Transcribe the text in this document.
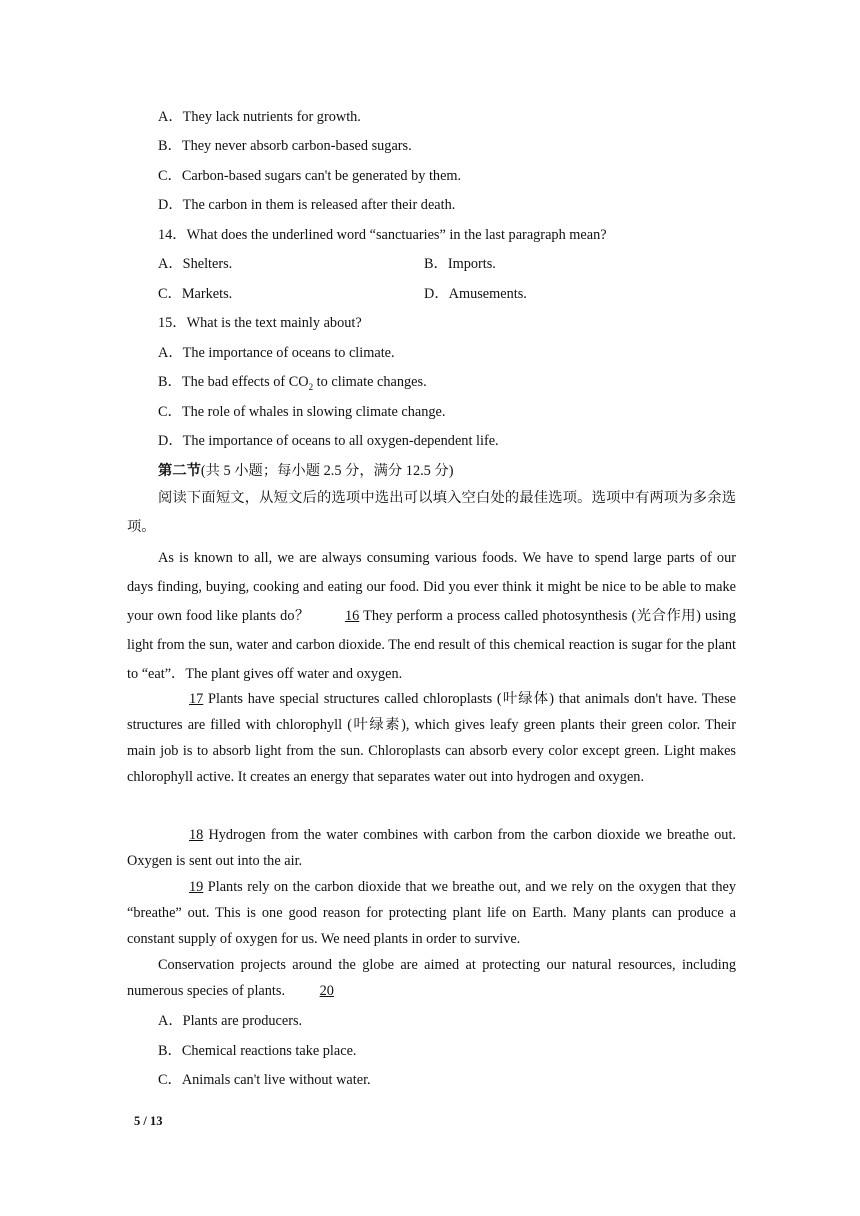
A．They lack nutrients for growth.
B．They never absorb carbon-based sugars.
C．Carbon-based sugars can't be generated by them.
D．The carbon in them is released after their death.
14．What does the underlined word “sanctuaries” in the last paragraph mean?
A．Shelters.	B．Imports.
C．Markets.	D．Amusements.
15．What is the text mainly about?
A．The importance of oceans to climate.
B．The bad effects of $CO_2$ to climate changes.
C．The role of whales in slowing climate change.
D．The importance of oceans to all oxygen-dependent life.
第二节(共 5 小题；每小题 2.5 分，满分 12.5 分)

阅读下面短文，从短文后的选项中选出可以填入空白处的最佳选项。选项中有两项为多余选项。

As is known to all, we are always consuming various foods. We have to spend large parts of our days finding, buying, cooking and eating our food. Did you ever think it might be nice to be able to make your own food like plants do？ 16 They perform a process called photosynthesis (光合作用) using light from the sun, water and carbon dioxide. The end result of this chemical reaction is sugar for the plant to “eat”．The plant gives off water and oxygen.

17 Plants have special structures called chloroplasts (叶绿体) that animals don't have. These structures are filled with chlorophyll (叶绿素), which gives leafy green plants their green color. Their main job is to absorb light from the sun. Chloroplasts can absorb every color except green. Light makes chlorophyll active. It creates an energy that separates water out into hydrogen and oxygen.

18 Hydrogen from the water combines with carbon from the carbon dioxide we breathe out. Oxygen is sent out into the air.

19 Plants rely on the carbon dioxide that we breathe out, and we rely on the oxygen that they “breathe” out. This is one good reason for protecting plant life on Earth. Many plants can produce a constant supply of oxygen for us. We need plants in order to survive.

Conservation projects around the globe are aimed at protecting our natural resources, including numerous species of plants. 20

A．Plants are producers.
B．Chemical reactions take place.
C．Animals can't live without water.
5 / 13
